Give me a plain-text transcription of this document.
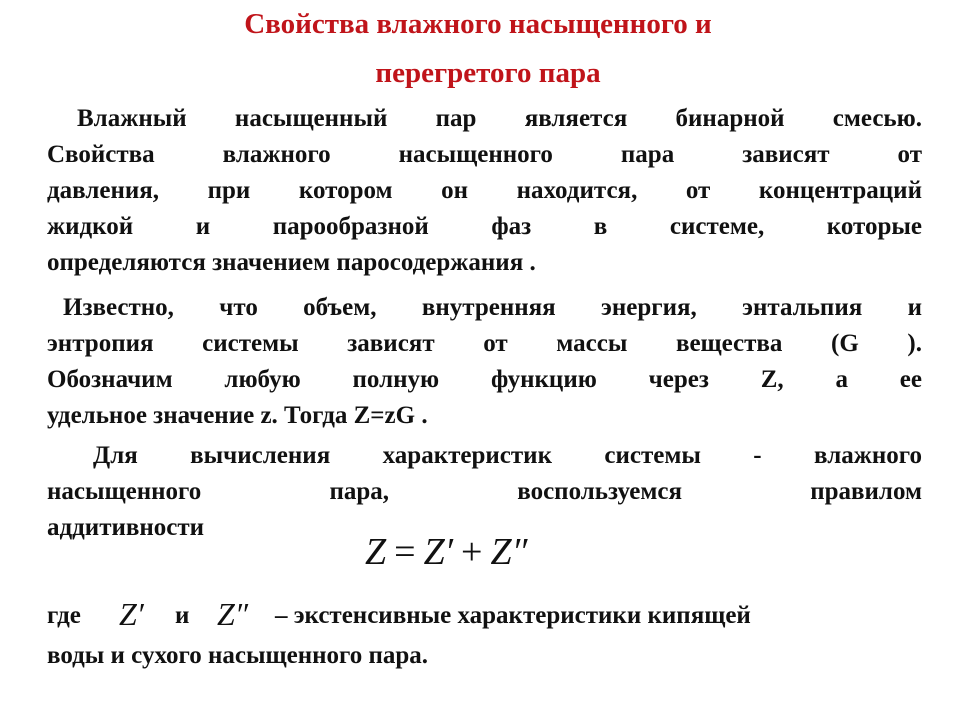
Свойства влажного насыщенного и
перегретого пара
Влажный насыщенный пар является бинарной смесью.
Свойства влажного насыщенного пара зависят от
давления, при котором он находится, от концентраций
жидкой и парообразной фаз в системе, которые
определяются значением паросодержания .
Известно, что объем, внутренняя энергия, энтальпия и
энтропия системы зависят от массы вещества (G ).
Обозначим любую полную функцию через Z, а ее
удельное значение z. Тогда Z=zG .
Для вычисления характеристик системы - влажного
насыщенного пара, воспользуемся правилом
аддитивности
Z = Z′ + Z″
где Z′ и Z″ – экстенсивные характеристики кипящей
воды и сухого насыщенного пара.
